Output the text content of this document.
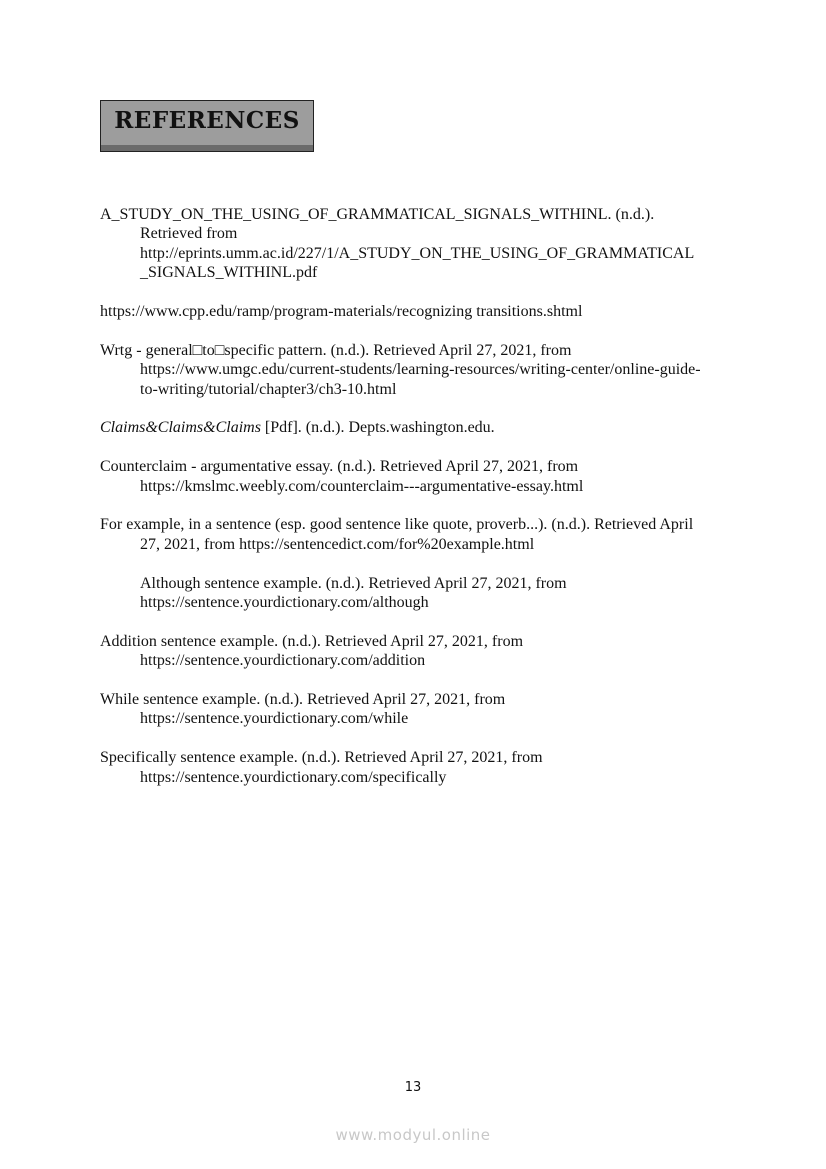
REFERENCES
A_STUDY_ON_THE_USING_OF_GRAMMATICAL_SIGNALS_WITHINL. (n.d.).
Retrieved from
http://eprints.umm.ac.id/227/1/A_STUDY_ON_THE_USING_OF_GRAMMATICAL
_SIGNALS_WITHINL.pdf
https://www.cpp.edu/ramp/program-materials/recognizing transitions.shtml
Wrtg - general□to□specific pattern. (n.d.). Retrieved April 27, 2021, from
https://www.umgc.edu/current-students/learning-resources/writing-center/online-guide-
to-writing/tutorial/chapter3/ch3-10.html
Claims&Claims&Claims [Pdf]. (n.d.). Depts.washington.edu.
Counterclaim - argumentative essay. (n.d.). Retrieved April 27, 2021, from
https://kmslmc.weebly.com/counterclaim---argumentative-essay.html
For example, in a sentence (esp. good sentence like quote, proverb...). (n.d.). Retrieved April
27, 2021, from https://sentencedict.com/for%20example.html
Although sentence example. (n.d.). Retrieved April 27, 2021, from
https://sentence.yourdictionary.com/although
Addition sentence example. (n.d.). Retrieved April 27, 2021, from
https://sentence.yourdictionary.com/addition
While sentence example. (n.d.). Retrieved April 27, 2021, from
https://sentence.yourdictionary.com/while
Specifically sentence example. (n.d.). Retrieved April 27, 2021, from
https://sentence.yourdictionary.com/specifically
13
www.modyul.online
